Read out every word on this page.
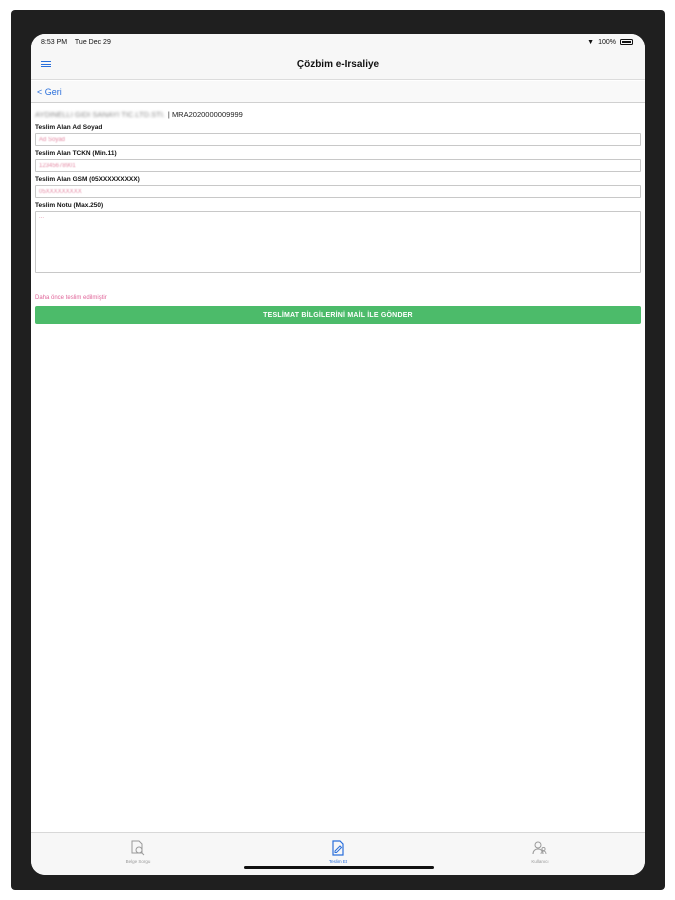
8:53 PM Tue Dec 29	▼ 100%
Çözbim e-Irsaliye
< Geri
AYDINELLI GIDI SANAYI TIC.LTD.STI. | MRA2020000009999
Teslim Alan Ad Soyad
Ad Soyad
Teslim Alan TCKN (Min.11)
12345678901
Teslim Alan GSM (05XXXXXXXXX)
05XXXXXXXXX
Teslim Notu (Max.250)
...
Daha önce teslim edilmiştir
TESLİMAT BİLGİLERİNİ MAİL İLE GÖNDER
Belge Sorgu	Teslim Et	Kullanıcı
